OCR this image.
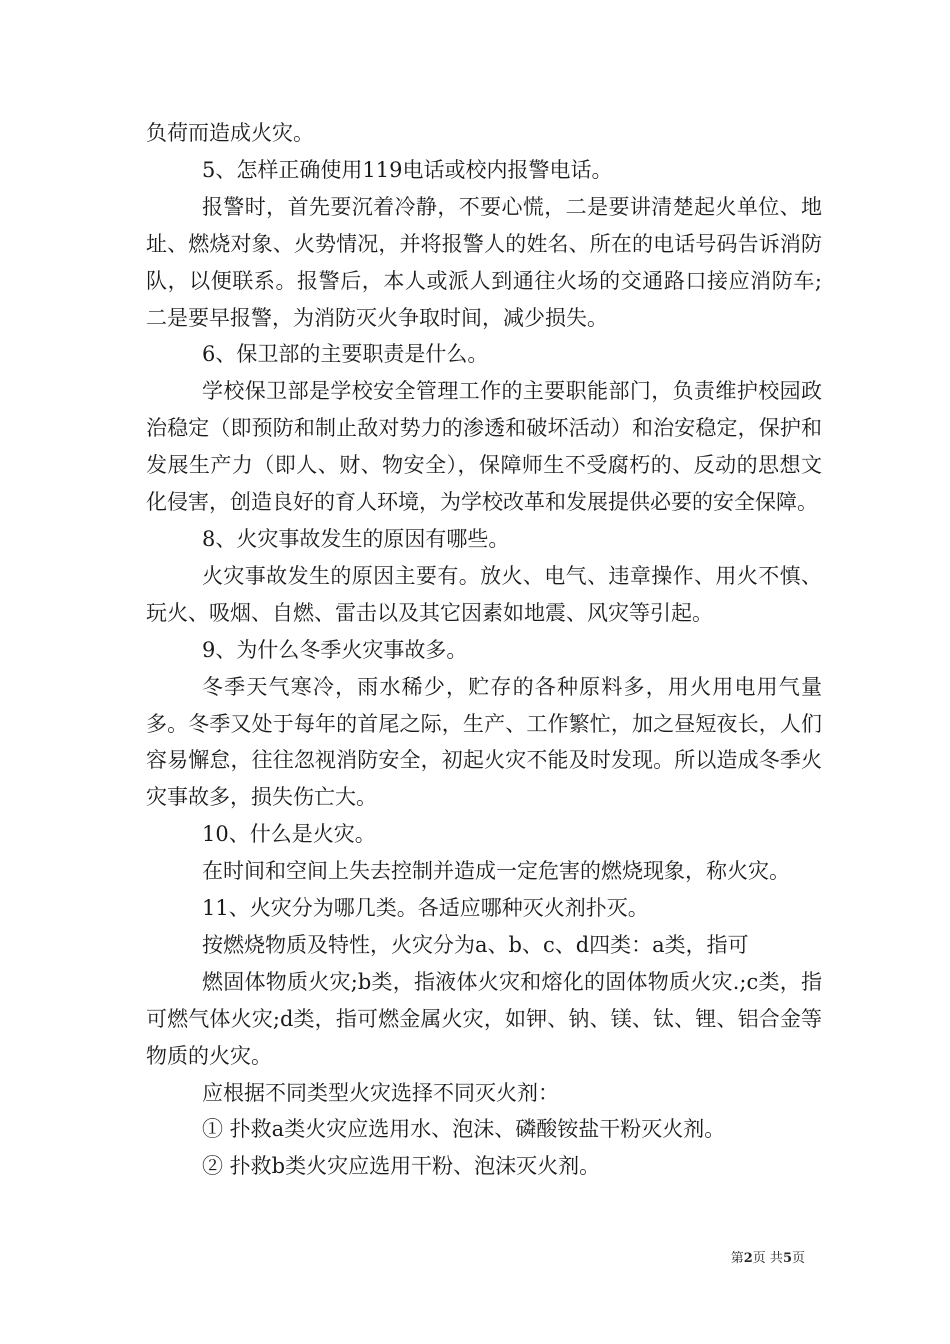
负荷而造成火灾。

5、怎样正确使用119电话或校内报警电话。

报警时，首先要沉着冷静，不要心慌，二是要讲清楚起火单位、地址、燃烧对象、火势情况，并将报警人的姓名、所在的电话号码告诉消防队，以便联系。报警后，本人或派人到通往火场的交通路口接应消防车;二是要早报警，为消防灭火争取时间，减少损失。

6、保卫部的主要职责是什么。

学校保卫部是学校安全管理工作的主要职能部门，负责维护校园政治稳定（即预防和制止敌对势力的渗透和破坏活动）和治安稳定，保护和发展生产力（即人、财、物安全），保障师生不受腐朽的、反动的思想文化侵害，创造良好的育人环境，为学校改革和发展提供必要的安全保障。

8、火灾事故发生的原因有哪些。

火灾事故发生的原因主要有。放火、电气、违章操作、用火不慎、玩火、吸烟、自燃、雷击以及其它因素如地震、风灾等引起。

9、为什么冬季火灾事故多。

冬季天气寒冷，雨水稀少，贮存的各种原料多，用火用电用气量多。冬季又处于每年的首尾之际，生产、工作繁忙，加之昼短夜长，人们容易懈怠，往往忽视消防安全，初起火灾不能及时发现。所以造成冬季火灾事故多，损失伤亡大。

10、什么是火灾。

在时间和空间上失去控制并造成一定危害的燃烧现象，称火灾。

11、火灾分为哪几类。各适应哪种灭火剂扑灭。

按燃烧物质及特性，火灾分为a、b、c、d四类：a类，指可

燃固体物质火灾;b类，指液体火灾和熔化的固体物质火灾.;c类，指可燃气体火灾;d类，指可燃金属火灾，如钾、钠、镁、钛、锂、铝合金等物质的火灾。

应根据不同类型火灾选择不同灭火剂：

① 扑救a类火灾应选用水、泡沫、磷酸铵盐干粉灭火剂。

② 扑救b类火灾应选用干粉、泡沫灭火剂。

第2页 共5页
